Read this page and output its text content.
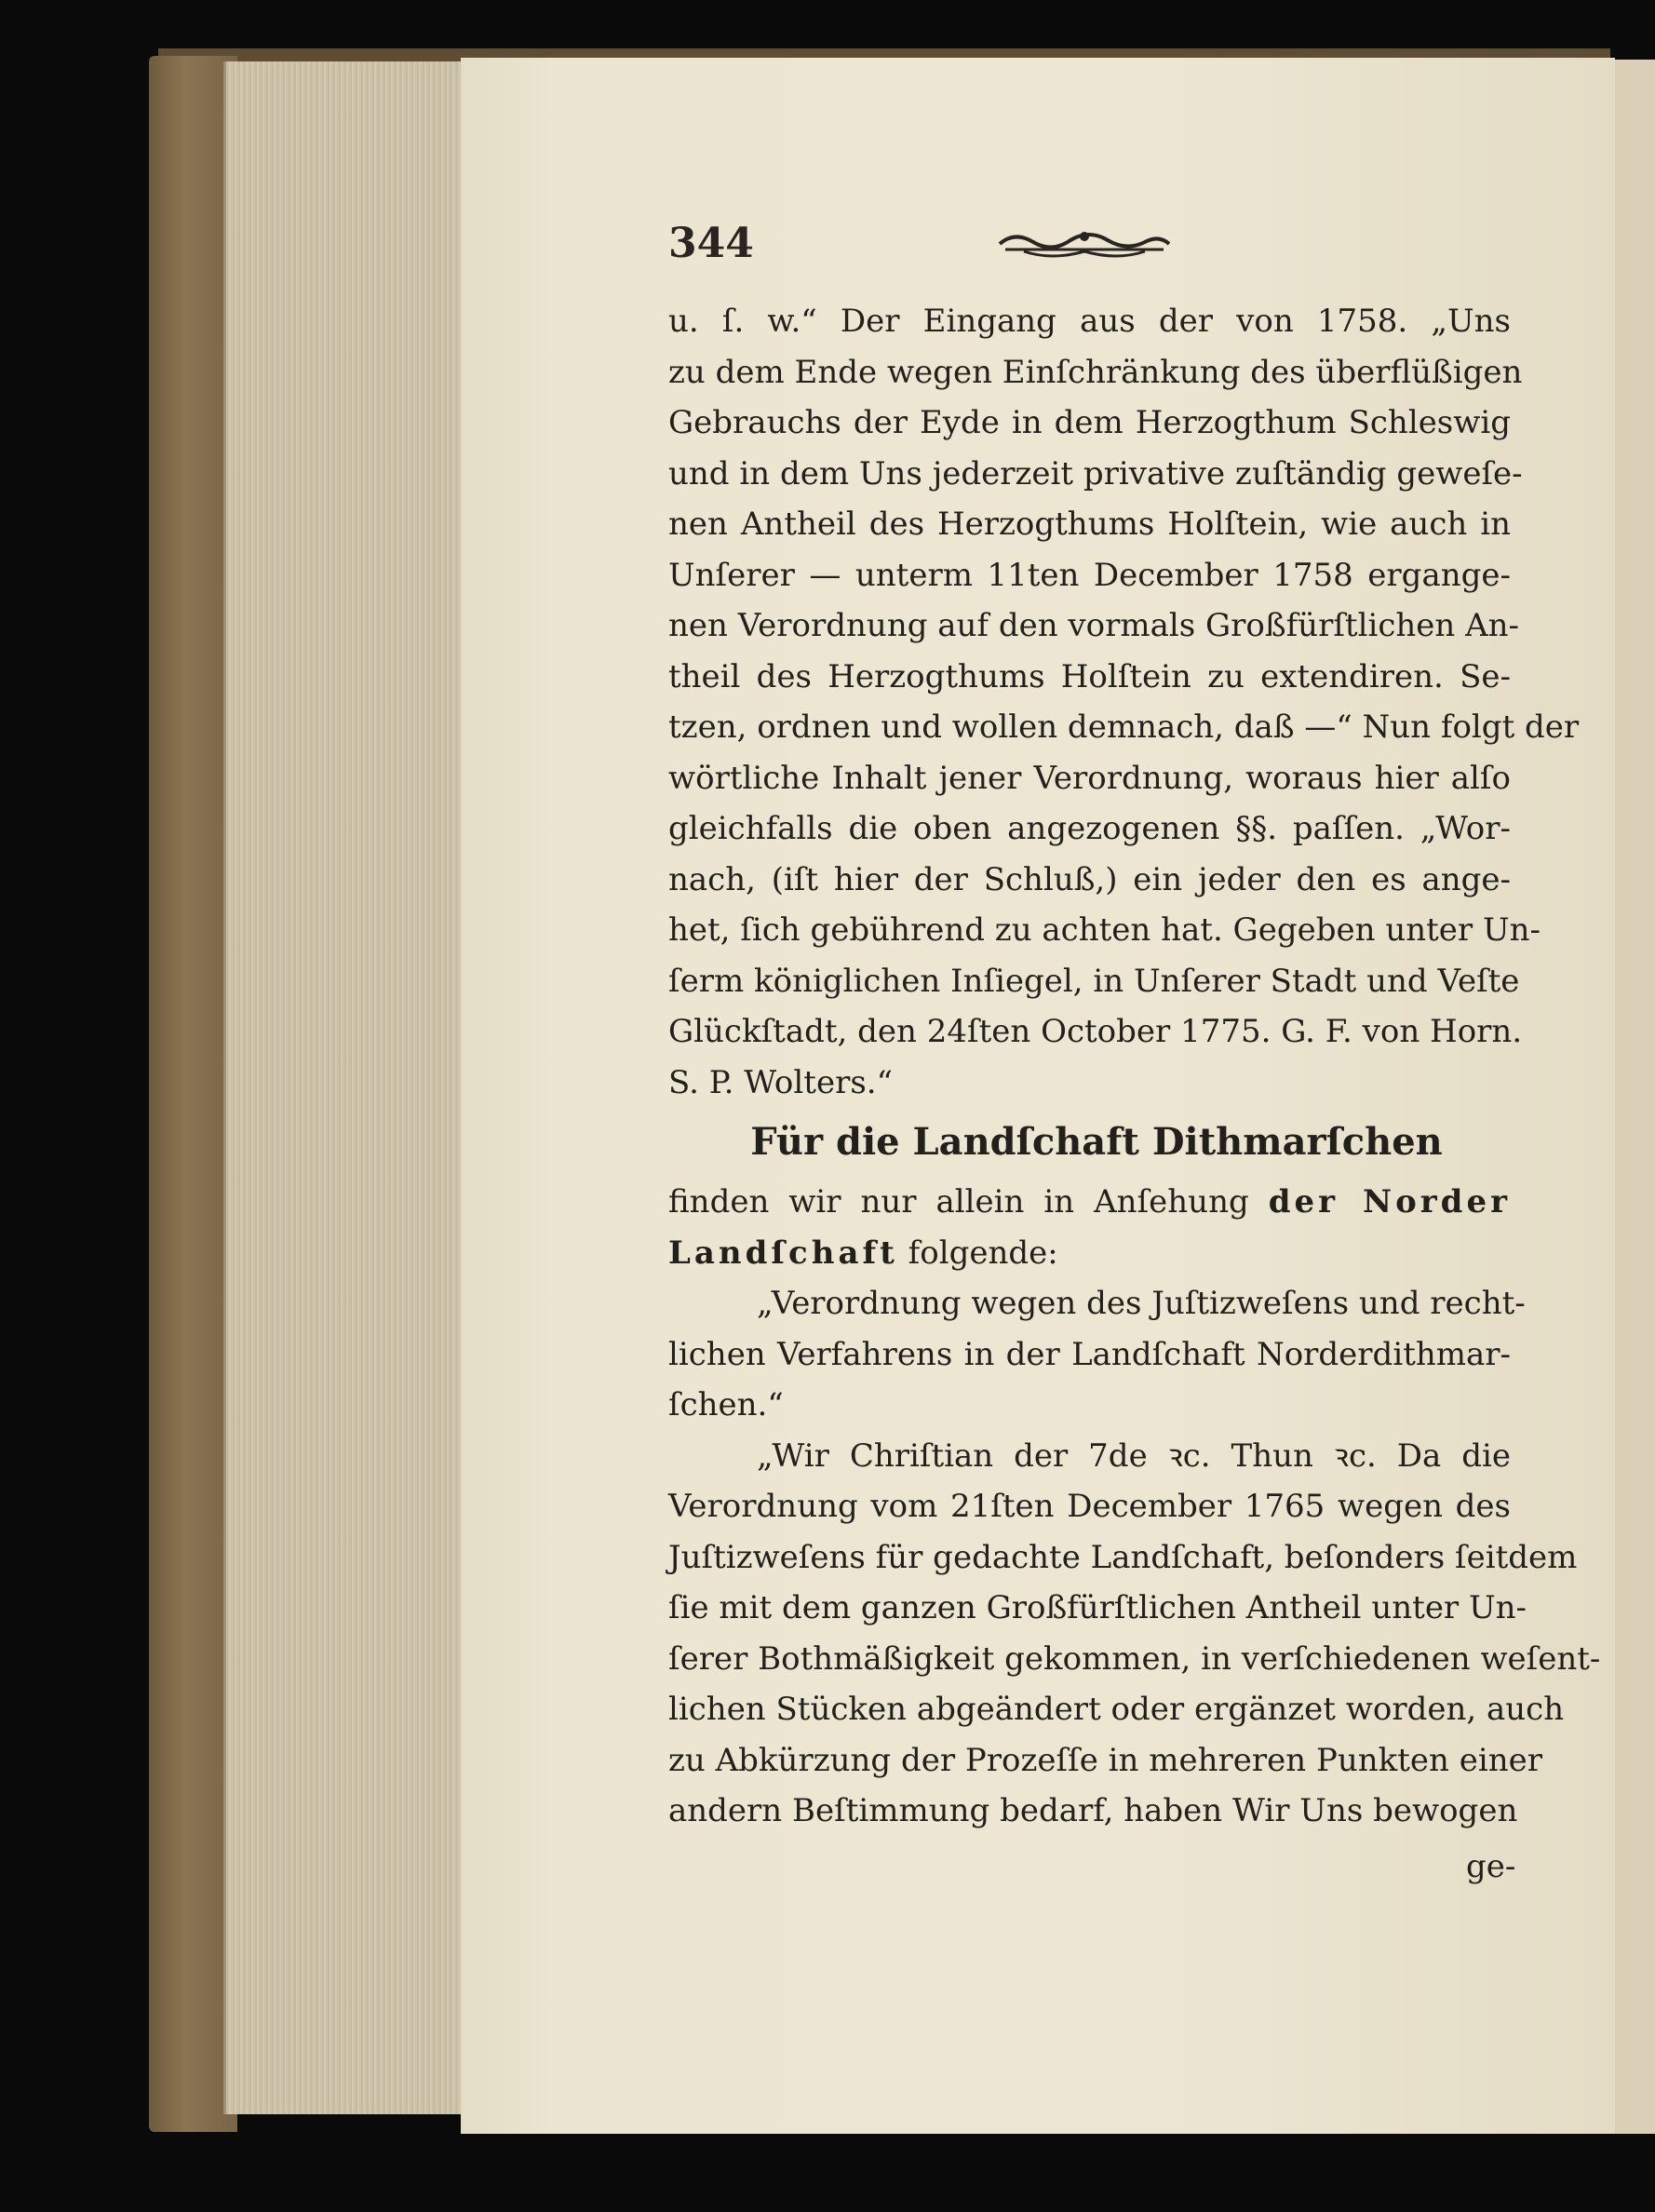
344
u. ſ. w.“ Der Eingang aus der von 1758. „Uns
zu dem Ende wegen Einſchränkung des überflüßigen
Gebrauchs der Eyde in dem Herzogthum Schleswig
und in dem Uns jederzeit privative zuſtändig geweſe-
nen Antheil des Herzogthums Holſtein, wie auch in
Unſerer — unterm 11ten December 1758 ergange-
nen Verordnung auf den vormals Großfürſtlichen An-
theil des Herzogthums Holſtein zu extendiren. Se-
tzen, ordnen und wollen demnach, daß —“ Nun folgt der
wörtliche Inhalt jener Verordnung, woraus hier alſo
gleichfalls die oben angezogenen §§. paſſen. „Wor-
nach, (iſt hier der Schluß,) ein jeder den es ange-
het, ſich gebührend zu achten hat. Gegeben unter Un-
ſerm königlichen Inſiegel, in Unſerer Stadt und Veſte
Glückſtadt, den 24ſten October 1775. G. F. von Horn.
S. P. Wolters.“
Für die Landſchaft Dithmarſchen
finden wir nur allein in Anſehung der Norder
Landſchaft folgende:
„Verordnung wegen des Juſtizweſens und recht-
lichen Verfahrens in der Landſchaft Norderdithmar-
ſchen.“
„Wir Chriſtian der 7de ꝛc. Thun ꝛc. Da die
Verordnung vom 21ſten December 1765 wegen des
Juſtizweſens für gedachte Landſchaft, beſonders ſeitdem
ſie mit dem ganzen Großfürſtlichen Antheil unter Un-
ſerer Bothmäßigkeit gekommen, in verſchiedenen weſent-
lichen Stücken abgeändert oder ergänzet worden, auch
zu Abkürzung der Prozeſſe in mehreren Punkten einer
andern Beſtimmung bedarf, haben Wir Uns bewogen
ge-
